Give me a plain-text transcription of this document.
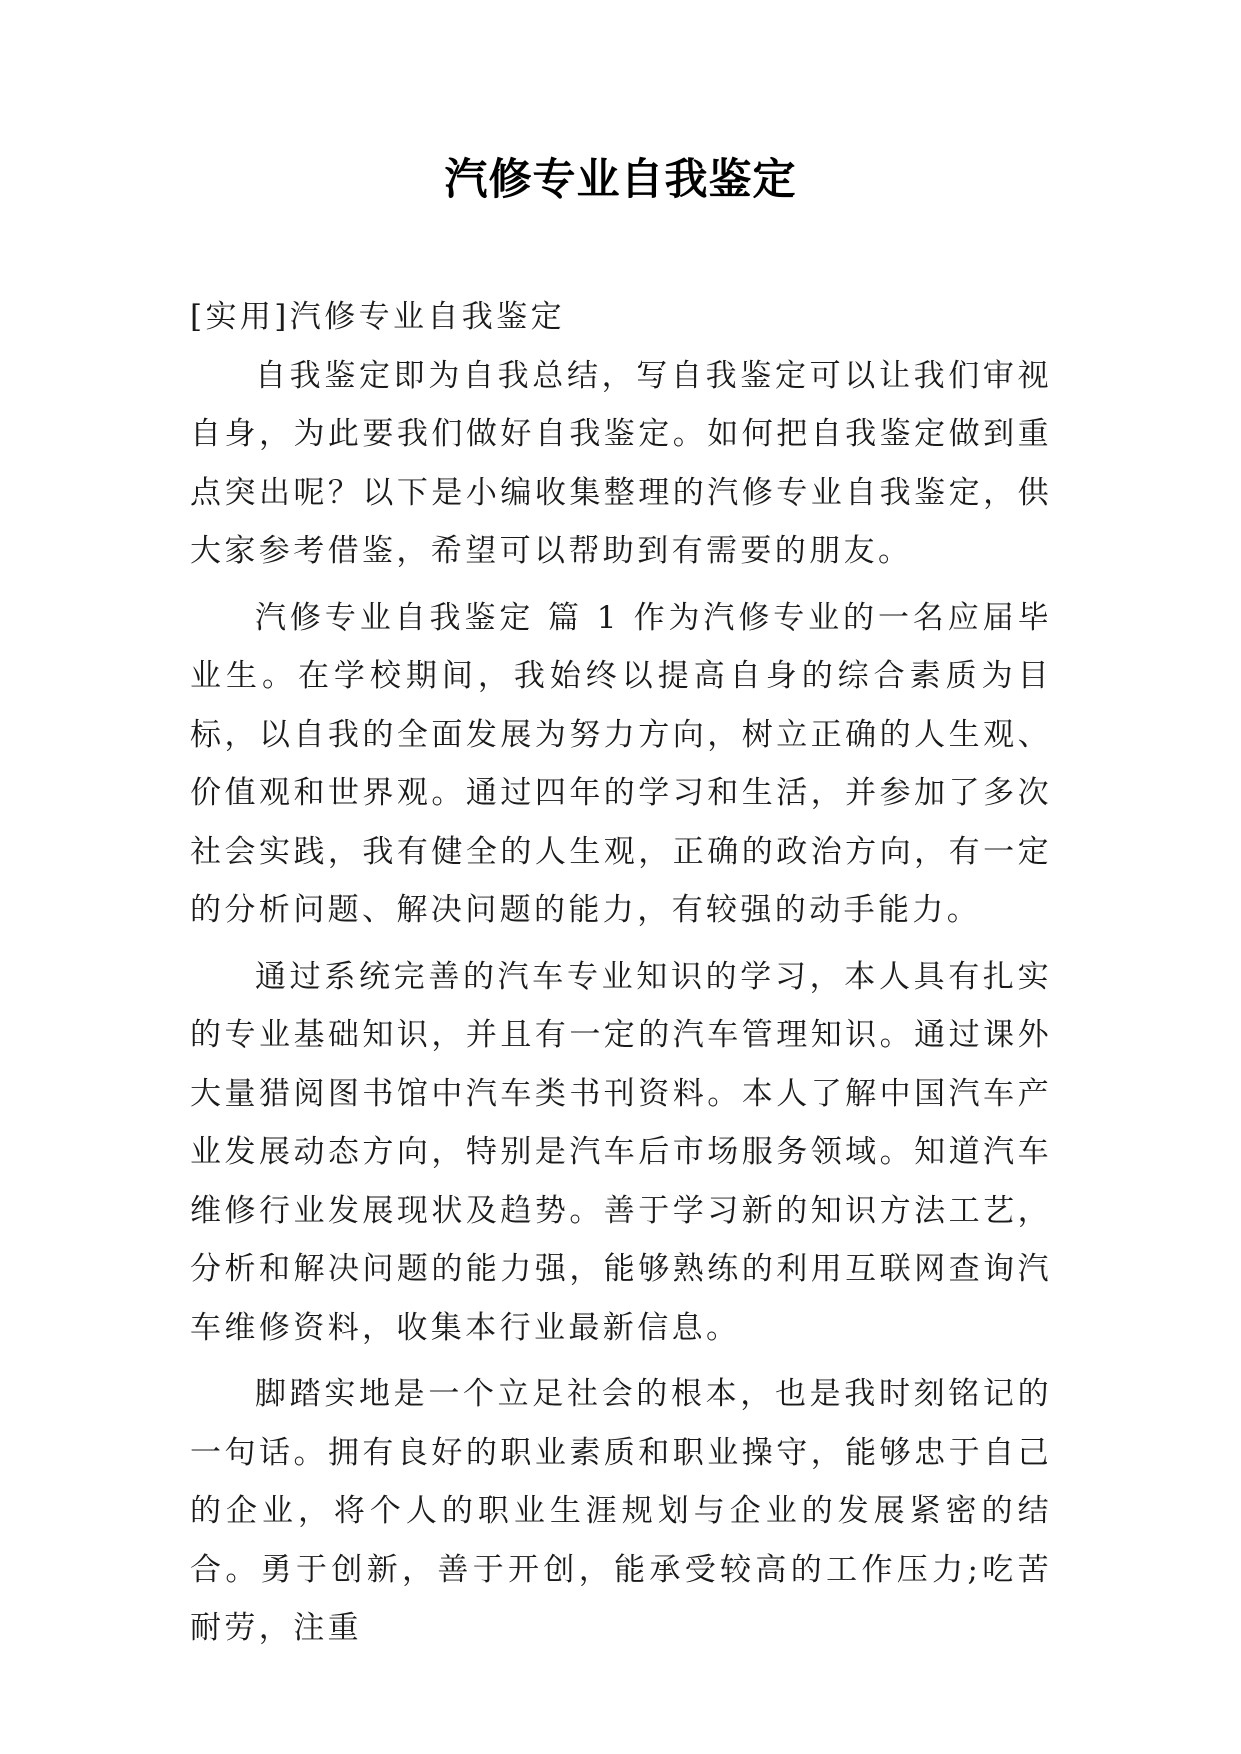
汽修专业自我鉴定

[实用]汽修专业自我鉴定

自我鉴定即为自我总结，写自我鉴定可以让我们审视自身，为此要我们做好自我鉴定。如何把自我鉴定做到重点突出呢？以下是小编收集整理的汽修专业自我鉴定，供大家参考借鉴，希望可以帮助到有需要的朋友。

汽修专业自我鉴定 篇 1 作为汽修专业的一名应届毕业生。在学校期间，我始终以提高自身的综合素质为目标，以自我的全面发展为努力方向，树立正确的人生观、价值观和世界观。通过四年的学习和生活，并参加了多次社会实践，我有健全的人生观，正确的政治方向，有一定的分析问题、解决问题的能力，有较强的动手能力。

通过系统完善的汽车专业知识的学习，本人具有扎实的专业基础知识，并且有一定的汽车管理知识。通过课外大量猎阅图书馆中汽车类书刊资料。本人了解中国汽车产业发展动态方向，特别是汽车后市场服务领域。知道汽车维修行业发展现状及趋势。善于学习新的知识方法工艺，分析和解决问题的能力强，能够熟练的利用互联网查询汽车维修资料，收集本行业最新信息。

脚踏实地是一个立足社会的根本，也是我时刻铭记的一句话。拥有良好的职业素质和职业操守，能够忠于自己的企业，将个人的职业生涯规划与企业的发展紧密的结合。勇于创新，善于开创，能承受较高的工作压力;吃苦耐劳，注重
